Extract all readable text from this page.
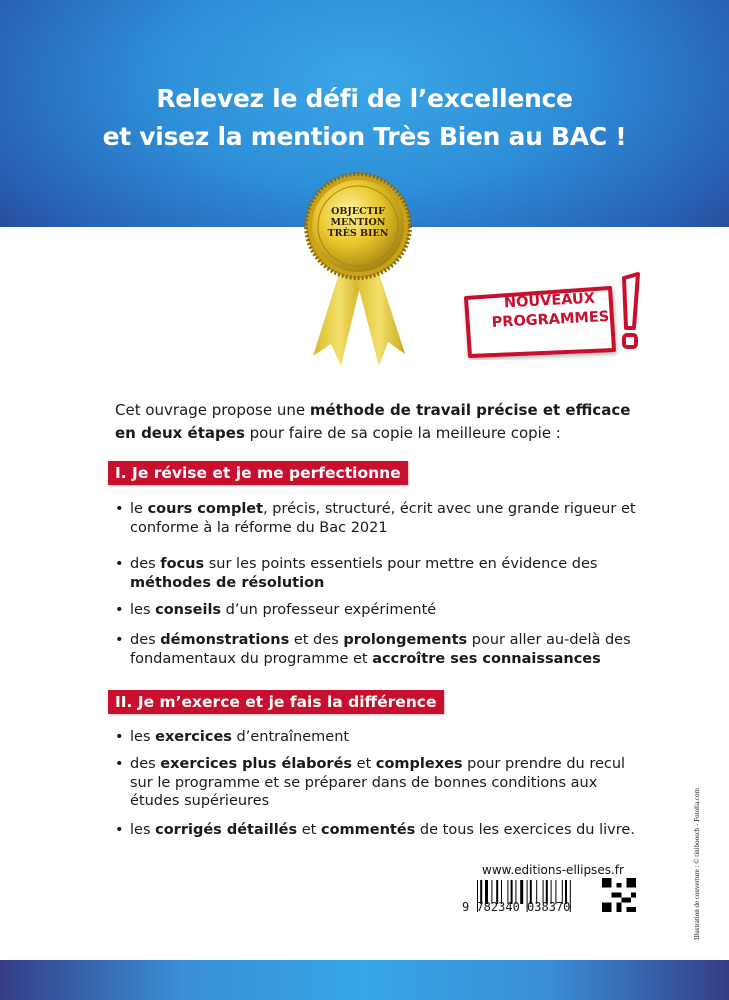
Relevez le défi de l’excellence
et visez la mention Très Bien au BAC !
OBJECTIF
MENTION
TRÈS BIEN
NOUVEAUX
PROGRAMMES
Cet ouvrage propose une méthode de travail précise et efficace en deux étapes pour faire de sa copie la meilleure copie :
I. Je révise et je me perfectionne
• le cours complet, précis, structuré, écrit avec une grande rigueur et conforme à la réforme du Bac 2021
• des focus sur les points essentiels pour mettre en évidence des méthodes de résolution
• les conseils d’un professeur expérimenté
• des démonstrations et des prolongements pour aller au-delà des fondamentaux du programme et accroître ses connaissances
II. Je m’exerce et je fais la différence
• les exercices d’entraînement
• des exercices plus élaborés et complexes pour prendre du recul sur le programme et se préparer dans de bonnes conditions aux études supérieures
• les corrigés détaillés et commentés de tous les exercices du livre.
www.editions-ellipses.fr
9 782340 038370	Illustration de couverture : © tiniboosch - Fotolia.com
